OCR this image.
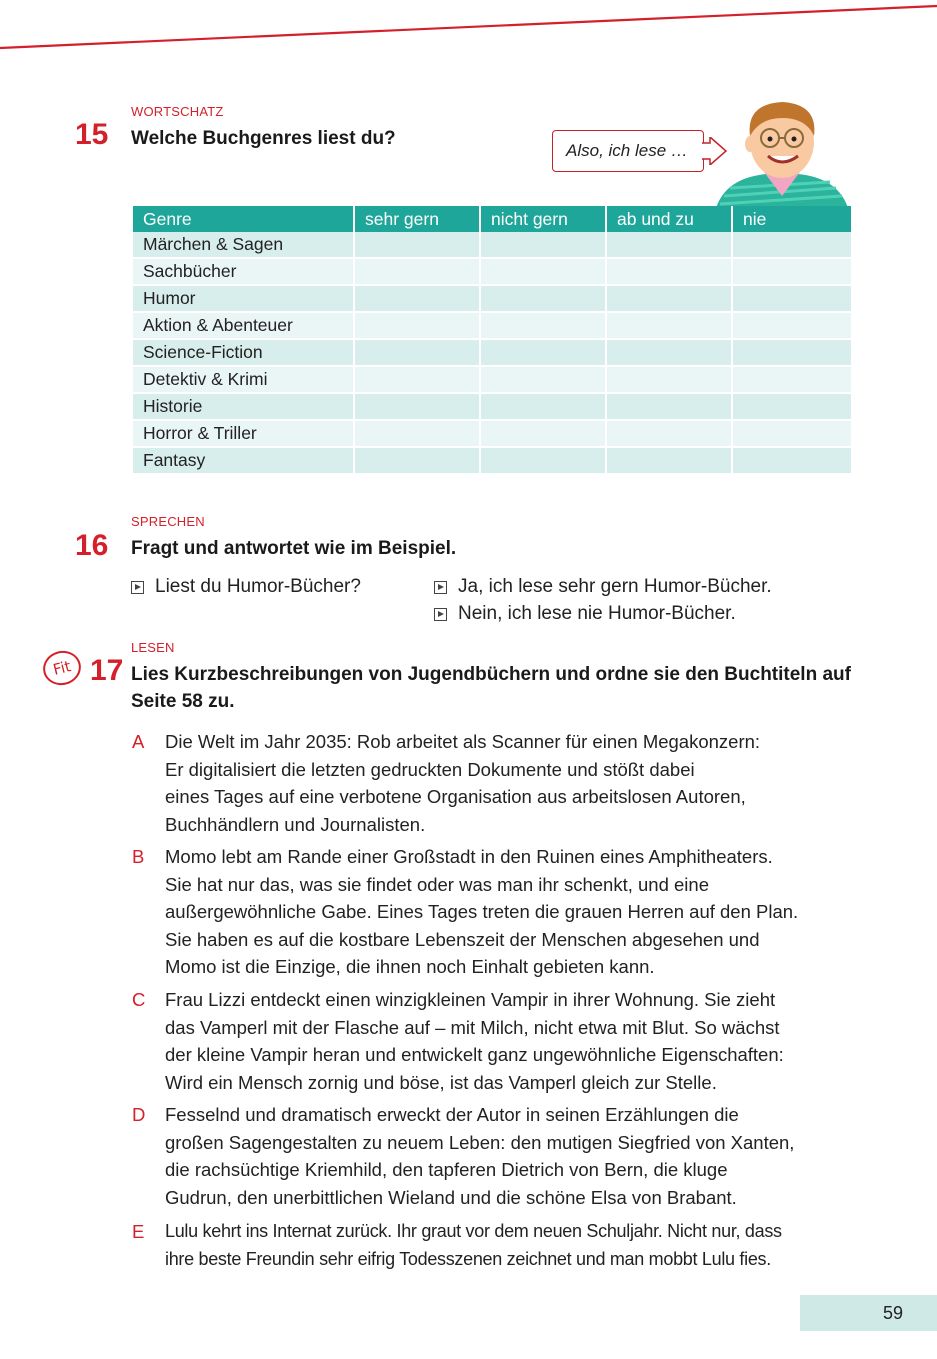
WORTSCHATZ
15 Welche Buchgenres liest du?
Also, ich lese …
Genre	sehr gern	nicht gern	ab und zu	nie
Märchen & Sagen				
Sachbücher				
Humor				
Aktion & Abenteuer				
Science-Fiction				
Detektiv & Krimi				
Historie				
Horror & Triller				
Fantasy				
SPRECHEN
16 Fragt und antwortet wie im Beispiel.
Liest du Humor-Bücher?	Ja, ich lese sehr gern Humor-Bücher.
Nein, ich lese nie Humor-Bücher.
LESEN
Fit 17 Lies Kurzbeschreibungen von Jugendbüchern und ordne sie den Buchtiteln auf
Seite 58 zu.
A	Die Welt im Jahr 2035: Rob arbeitet als Scanner für einen Megakonzern:
Er digitalisiert die letzten gedruckten Dokumente und stößt dabei
eines Tages auf eine verbotene Organisation aus arbeitslosen Autoren,
Buchhändlern und Journalisten.
B	Momo lebt am Rande einer Großstadt in den Ruinen eines Amphitheaters.
Sie hat nur das, was sie findet oder was man ihr schenkt, und eine
außergewöhnliche Gabe. Eines Tages treten die grauen Herren auf den Plan.
Sie haben es auf die kostbare Lebenszeit der Menschen abgesehen und
Momo ist die Einzige, die ihnen noch Einhalt gebieten kann.
C	Frau Lizzi entdeckt einen winzigkleinen Vampir in ihrer Wohnung. Sie zieht
das Vamperl mit der Flasche auf – mit Milch, nicht etwa mit Blut. So wächst
der kleine Vampir heran und entwickelt ganz ungewöhnliche Eigenschaften:
Wird ein Mensch zornig und böse, ist das Vamperl gleich zur Stelle.
D	Fesselnd und dramatisch erweckt der Autor in seinen Erzählungen die
großen Sagengestalten zu neuem Leben: den mutigen Siegfried von Xanten,
die rachsüchtige Kriemhild, den tapferen Dietrich von Bern, die kluge
Gudrun, den unerbittlichen Wieland und die schöne Elsa von Brabant.
E	Lulu kehrt ins Internat zurück. Ihr graut vor dem neuen Schuljahr. Nicht nur, dass
ihre beste Freundin sehr eifrig Todesszenen zeichnet und man mobbt Lulu fies.
59
